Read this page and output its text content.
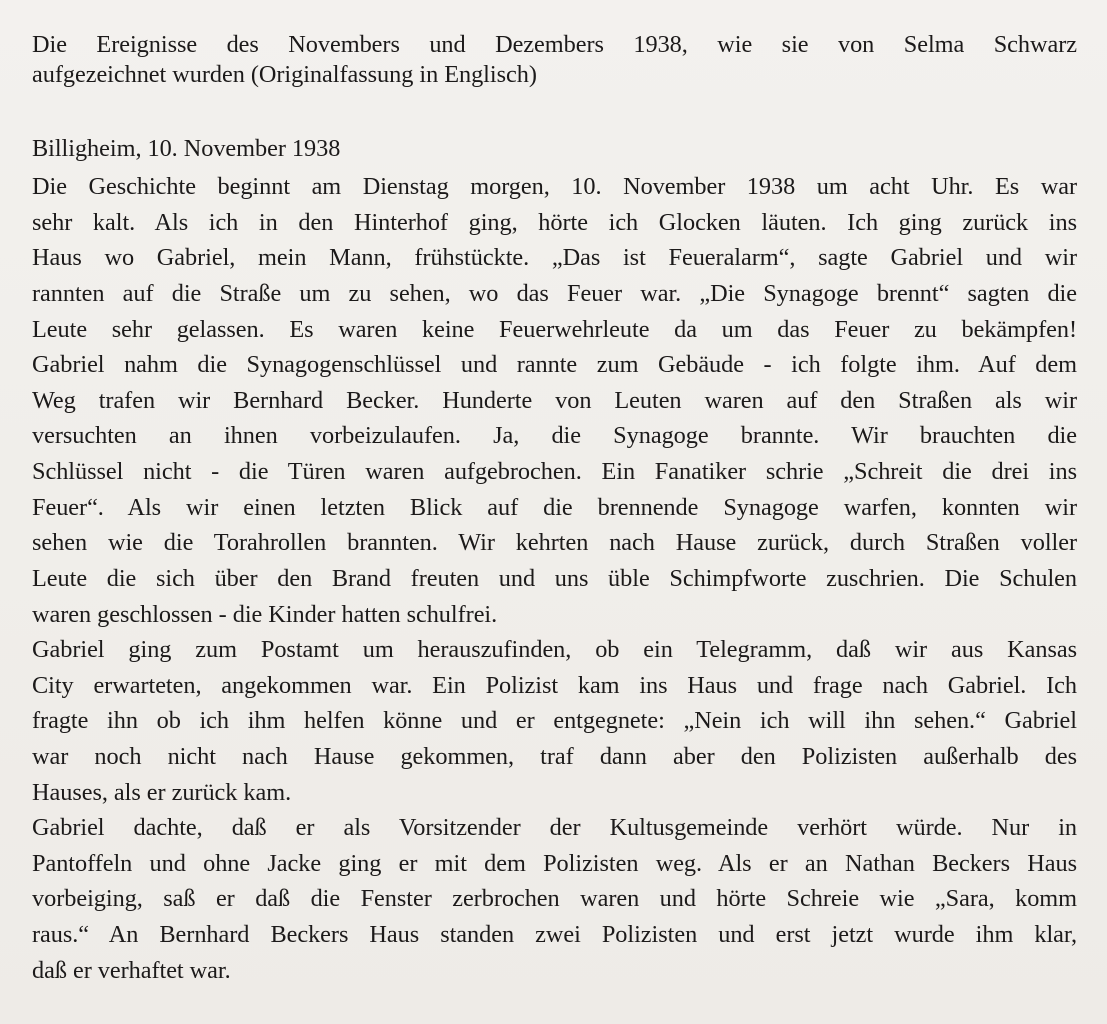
Die Ereignisse des Novembers und Dezembers 1938, wie sie von Selma Schwarz
aufgezeichnet wurden (Originalfassung in Englisch)
Billigheim, 10. November 1938
Die Geschichte beginnt am Dienstag morgen, 10. November 1938 um acht Uhr. Es war
sehr kalt. Als ich in den Hinterhof ging, hörte ich Glocken läuten. Ich ging zurück ins
Haus wo Gabriel, mein Mann, frühstückte. „Das ist Feueralarm“, sagte Gabriel und wir
rannten auf die Straße um zu sehen, wo das Feuer war. „Die Synagoge brennt“ sagten die
Leute sehr gelassen. Es waren keine Feuerwehrleute da um das Feuer zu bekämpfen!
Gabriel nahm die Synagogenschlüssel und rannte zum Gebäude - ich folgte ihm. Auf dem
Weg trafen wir Bernhard Becker. Hunderte von Leuten waren auf den Straßen als wir
versuchten an ihnen vorbeizulaufen. Ja, die Synagoge brannte. Wir brauchten die
Schlüssel nicht - die Türen waren aufgebrochen. Ein Fanatiker schrie „Schreit die drei ins
Feuer“. Als wir einen letzten Blick auf die brennende Synagoge warfen, konnten wir
sehen wie die Torahrollen brannten. Wir kehrten nach Hause zurück, durch Straßen voller
Leute die sich über den Brand freuten und uns üble Schimpfworte zuschrien. Die Schulen
waren geschlossen - die Kinder hatten schulfrei.
Gabriel ging zum Postamt um herauszufinden, ob ein Telegramm, daß wir aus Kansas
City erwarteten, angekommen war. Ein Polizist kam ins Haus und frage nach Gabriel. Ich
fragte ihn ob ich ihm helfen könne und er entgegnete: „Nein ich will ihn sehen.“ Gabriel
war noch nicht nach Hause gekommen, traf dann aber den Polizisten außerhalb des
Hauses, als er zurück kam.
Gabriel dachte, daß er als Vorsitzender der Kultusgemeinde verhört würde. Nur in
Pantoffeln und ohne Jacke ging er mit dem Polizisten weg. Als er an Nathan Beckers Haus
vorbeiging, saß er daß die Fenster zerbrochen waren und hörte Schreie wie „Sara, komm
raus.“ An Bernhard Beckers Haus standen zwei Polizisten und erst jetzt wurde ihm klar,
daß er verhaftet war.
